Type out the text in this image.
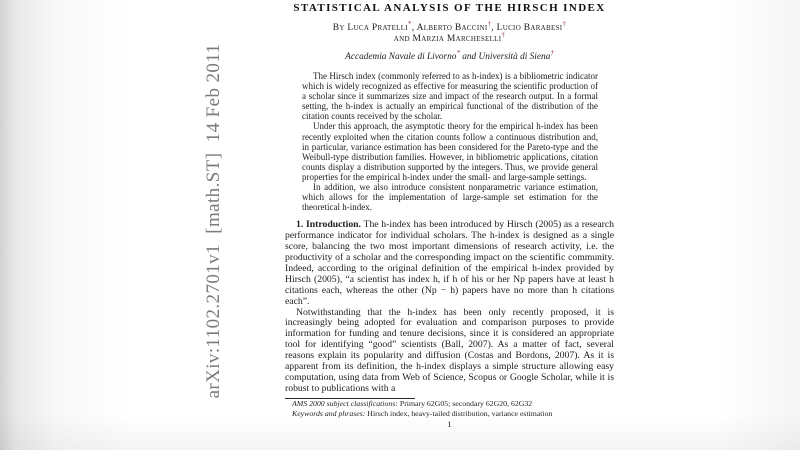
arXiv:1102.2701v1  [math.ST]  14 Feb 2011
STATISTICAL ANALYSIS OF THE HIRSCH INDEX
By Luca Pratelli*, Alberto Baccini†, Lucio Barabesi†
and Marzia Marcheselli†
Accademia Navale di Livorno* and Università di Siena†

The Hirsch index (commonly referred to as h-index) is a bibliometric indicator which is widely recognized as effective for measuring the scientific production of a scholar since it summarizes size and impact of the research output. In a formal setting, the h-index is actually an empirical functional of the distribution of the citation counts received by the scholar.

Under this approach, the asymptotic theory for the empirical h-index has been recently exploited when the citation counts follow a continuous distribution and, in particular, variance estimation has been considered for the Pareto-type and the Weibull-type distribution families. However, in bibliometric applications, citation counts display a distribution supported by the integers. Thus, we provide general properties for the empirical h-index under the small- and large-sample settings.

In addition, we also introduce consistent nonparametric variance estimation, which allows for the implementation of large-sample set estimation for the theoretical h-index.

1. Introduction. The h-index has been introduced by Hirsch (2005) as a research performance indicator for individual scholars. The h-index is designed as a single score, balancing the two most important dimensions of research activity, i.e. the productivity of a scholar and the corresponding impact on the scientific community. Indeed, according to the original definition of the empirical h-index provided by Hirsch (2005), “a scientist has index h, if h of his or her Np papers have at least h citations each, whereas the other (Np − h) papers have no more than h citations each”.

Notwithstanding that the h-index has been only recently proposed, it is increasingly being adopted for evaluation and comparison purposes to provide information for funding and tenure decisions, since it is considered an appropriate tool for identifying “good” scientists (Ball, 2007). As a matter of fact, several reasons explain its popularity and diffusion (Costas and Bordons, 2007). As it is apparent from its definition, the h-index displays a simple structure allowing easy computation, using data from Web of Science, Scopus or Google Scholar, while it is robust to publications with a

AMS 2000 subject classifications: Primary 62G05; secondary 62G20, 62G32
Keywords and phrases: Hirsch index, heavy-tailed distribution, variance estimation
1
